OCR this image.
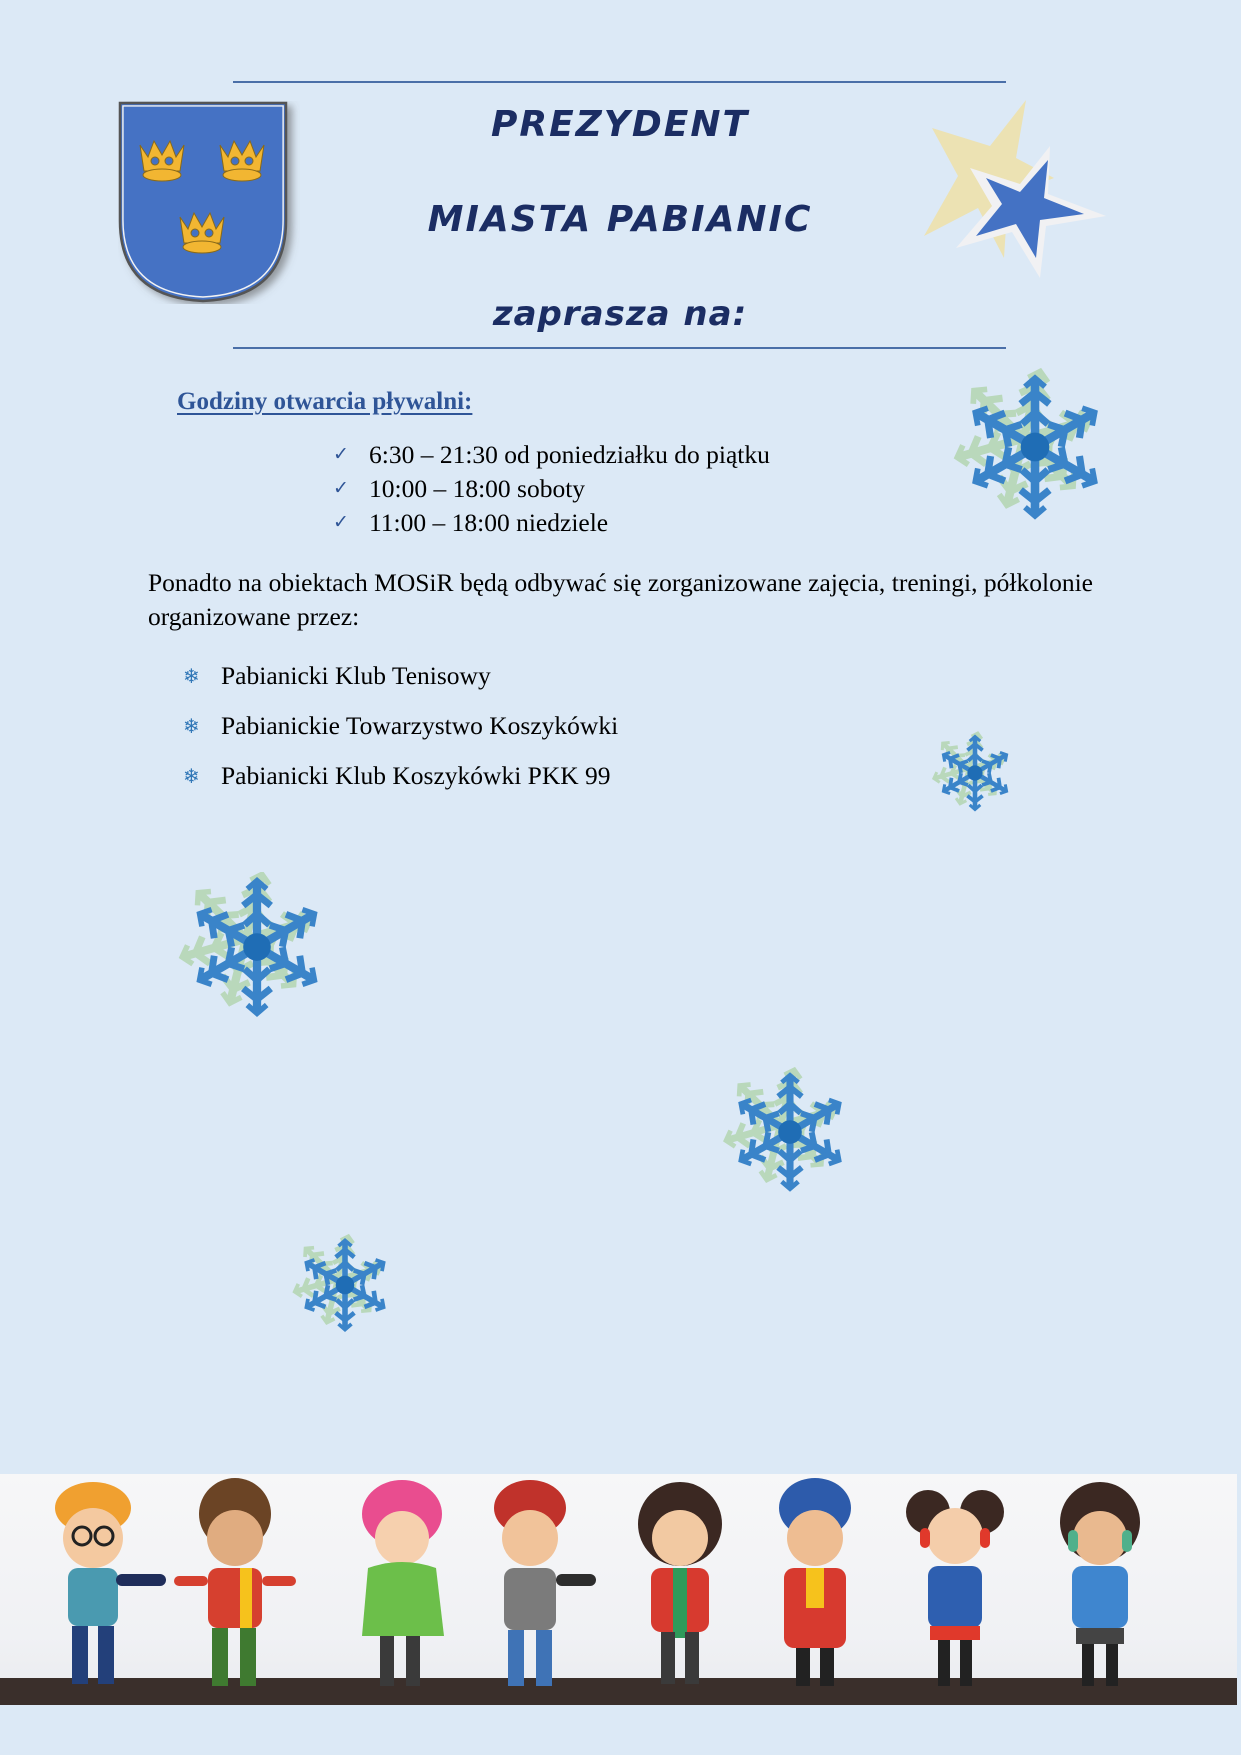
PREZYDENT
MIASTA PABIANIC
zaprasza na:
Godziny otwarcia pływalni:
✓ 6:30 – 21:30 od poniedziałku do piątku
✓ 10:00 – 18:00 soboty
✓ 11:00 – 18:00 niedziele
Ponadto na obiektach MOSiR będą odbywać się zorganizowane zajęcia, treningi, półkolonie organizowane przez:
❄ Pabianicki Klub Tenisowy
❄ Pabianickie Towarzystwo Koszykówki
❄ Pabianicki Klub Koszykówki PKK 99
